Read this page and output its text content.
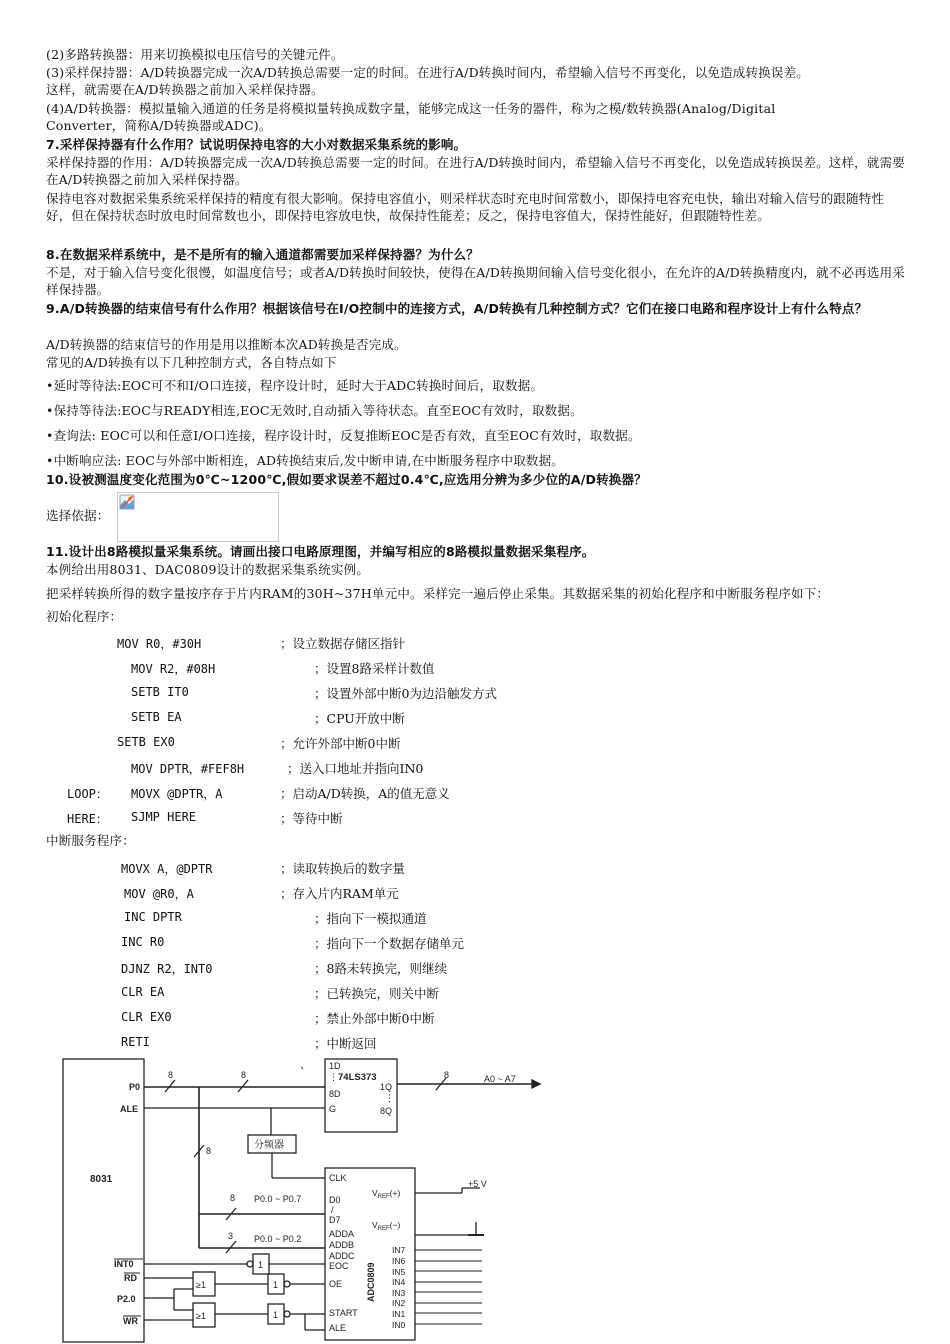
(2)多路转换器：用来切换模拟电压信号的关键元件。
(3)采样保持器：A/D转换器完成一次A/D转换总需要一定的时间。在进行A/D转换时间内，希望输入信号不再变化，以免造成转换误差。
这样，就需要在A/D转换器之前加入采样保持器。
(4)A/D转换器：模拟量输入通道的任务是将模拟量转换成数字量，能够完成这一任务的器件，称为之模/数转换器(Analog/Digital
Converter，简称A/D转换器或ADC)。
7.采样保持器有什么作用？试说明保持电容的大小对数据采集系统的影响。
采样保持器的作用：A/D转换器完成一次A/D转换总需要一定的时间。在进行A/D转换时间内，希望输入信号不再变化，以免造成转换误差。这样，就需要在A/D转换器之前加入采样保持器。
保持电容对数据采集系统采样保持的精度有很大影响。保持电容值小，则采样状态时充电时间常数小，即保持电容充电快，输出对输入信号的跟随特性好，但在保持状态时放电时间常数也小，即保持电容放电快，故保持性能差；反之，保持电容值大，保持性能好，但跟随特性差。
8.在数据采样系统中，是不是所有的输入通道都需要加采样保持器？为什么？
不是，对于输入信号变化很慢，如温度信号；或者A/D转换时间较快，使得在A/D转换期间输入信号变化很小，在允许的A/D转换精度内，就不必再选用采样保持器。
9.A/D转换器的结束信号有什么作用？根据该信号在I/O控制中的连接方式，A/D转换有几种控制方式？它们在接口电路和程序设计上有什么特点？
A/D转换器的结束信号的作用是用以推断本次AD转换是否完成。
常见的A/D转换有以下几种控制方式，各自特点如下
•延时等待法:EOC可不和I/O口连接，程序设计时，延时大于ADC转换时间后，取数据。
•保持等待法:EOC与READY相连,EOC无效时,自动插入等待状态。直至EOC有效时，取数据。
•查询法: EOC可以和任意I/O口连接，程序设计时，反复推断EOC是否有效，直至EOC有效时，取数据。
•中断响应法: EOC与外部中断相连，AD转换结束后,发中断申请,在中断服务程序中取数据。
10.设被测温度变化范围为0℃~1200℃,假如要求误差不超过0.4℃,应选用分辨为多少位的A/D转换器？
选择依据：
11.设计出8路模拟量采集系统。请画出接口电路原理图，并编写相应的8路模拟量数据采集程序。
本例给出用8031、DAC0809设计的数据采集系统实例。
把采样转换所得的数字量按序存于片内RAM的30H~37H单元中。采样完一遍后停止采集。其数据采集的初始化程序和中断服务程序如下：
初始化程序：
MOV R0，#30H	；设立数据存储区指针
MOV R2，#08H	；设置8路采样计数值
SETB IT0	；设置外部中断0为边沿触发方式
SETB EA	；CPU开放中断
SETB EX0	；允许外部中断0中断
MOV DPTR，#FEF8H	；送入口地址并指向IN0
LOOP： MOVX @DPTR，A	；启动A/D转换，A的值无意义
HERE： SJMP HERE	；等待中断
中断服务程序：
MOVX A，@DPTR	；读取转换后的数字量
MOV @R0，A	；存入片内RAM单元
INC DPTR	；指向下一模拟通道
INC R0	；指向下一个数据存储单元
DJNZ R2，INT0	；8路未转换完，则继续
CLR EA	；已转换完，则关中断
CLR EX0	；禁止外部中断0中断
RETI	；中断返回
、
8031
P0
ALE
INT0
RD
P2.0
WR
8	8
8
1D
⋮ 74LS373
8D
G
1Q
⋮
8Q
8	A0 ~ A7
分频器
CLK
D0
/
D7
ADDA
ADDB
ADDC
EOC
OE
START
ALE
$V_{REF}(+)$
$V_{REF}(-)$
ADC0809
IN7
IN6
IN5
IN4
IN3
IN2
IN1
IN0
+5 V
8 P0.0 ~ P0.7
3 P0.0 ~ P0.2
1
≥1	1
≥1	1
